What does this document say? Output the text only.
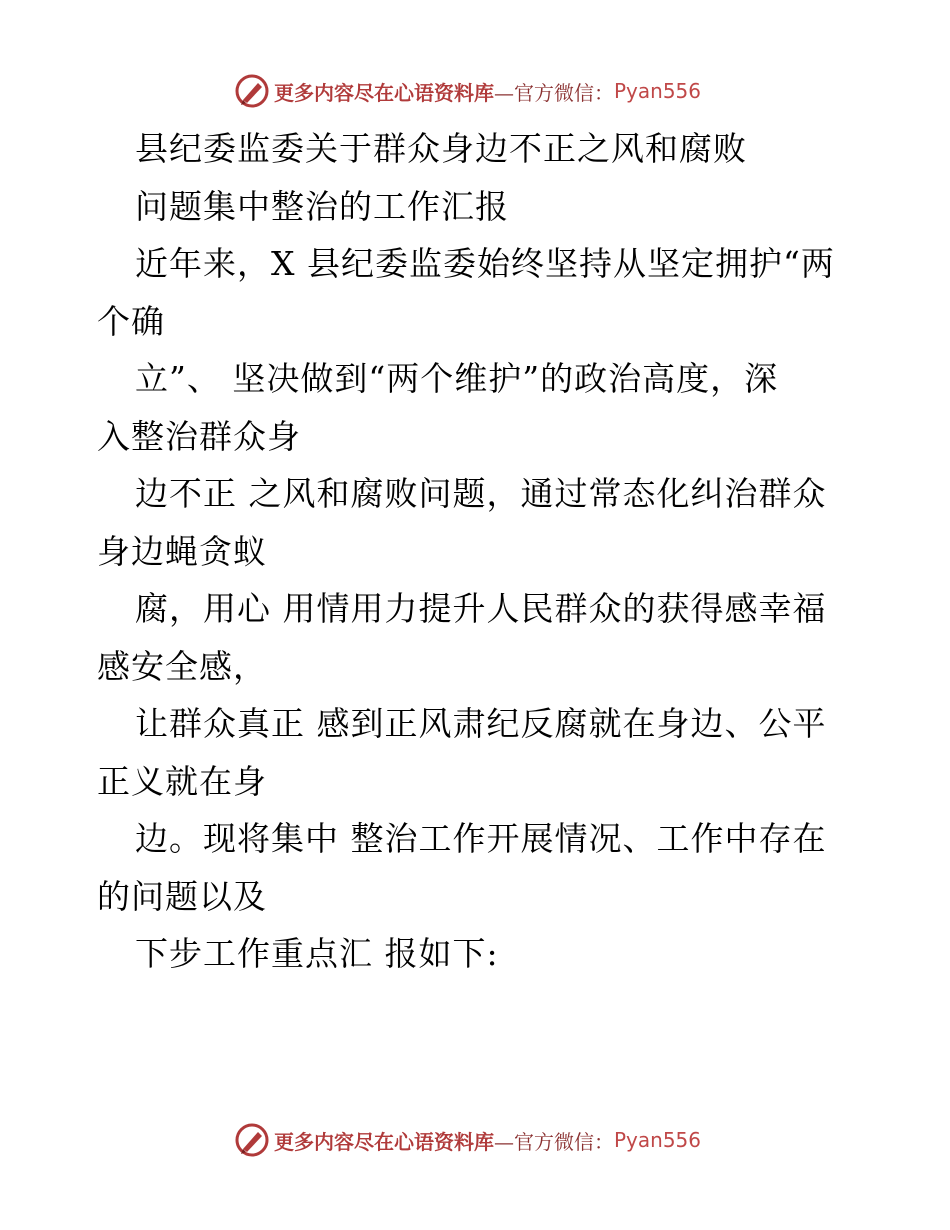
更多内容尽在心语资料库 —官方微信： Pyan556
县纪委监委关于群众身边不正之风和腐败
问题集中整治的工作汇报
近年来，X 县纪委监委始终坚持从坚定拥护“两
个确
立”、 坚决做到“两个维护”的政治高度，深
入整治群众身
边不正 之风和腐败问题，通过常态化纠治群众
身边蝇贪蚁
腐，用心 用情用力提升人民群众的获得感幸福
感安全感，
让群众真正 感到正风肃纪反腐就在身边、公平
正义就在身
边。现将集中 整治工作开展情况、工作中存在
的问题以及
下步工作重点汇 报如下:
更多内容尽在心语资料库 —官方微信： Pyan556
